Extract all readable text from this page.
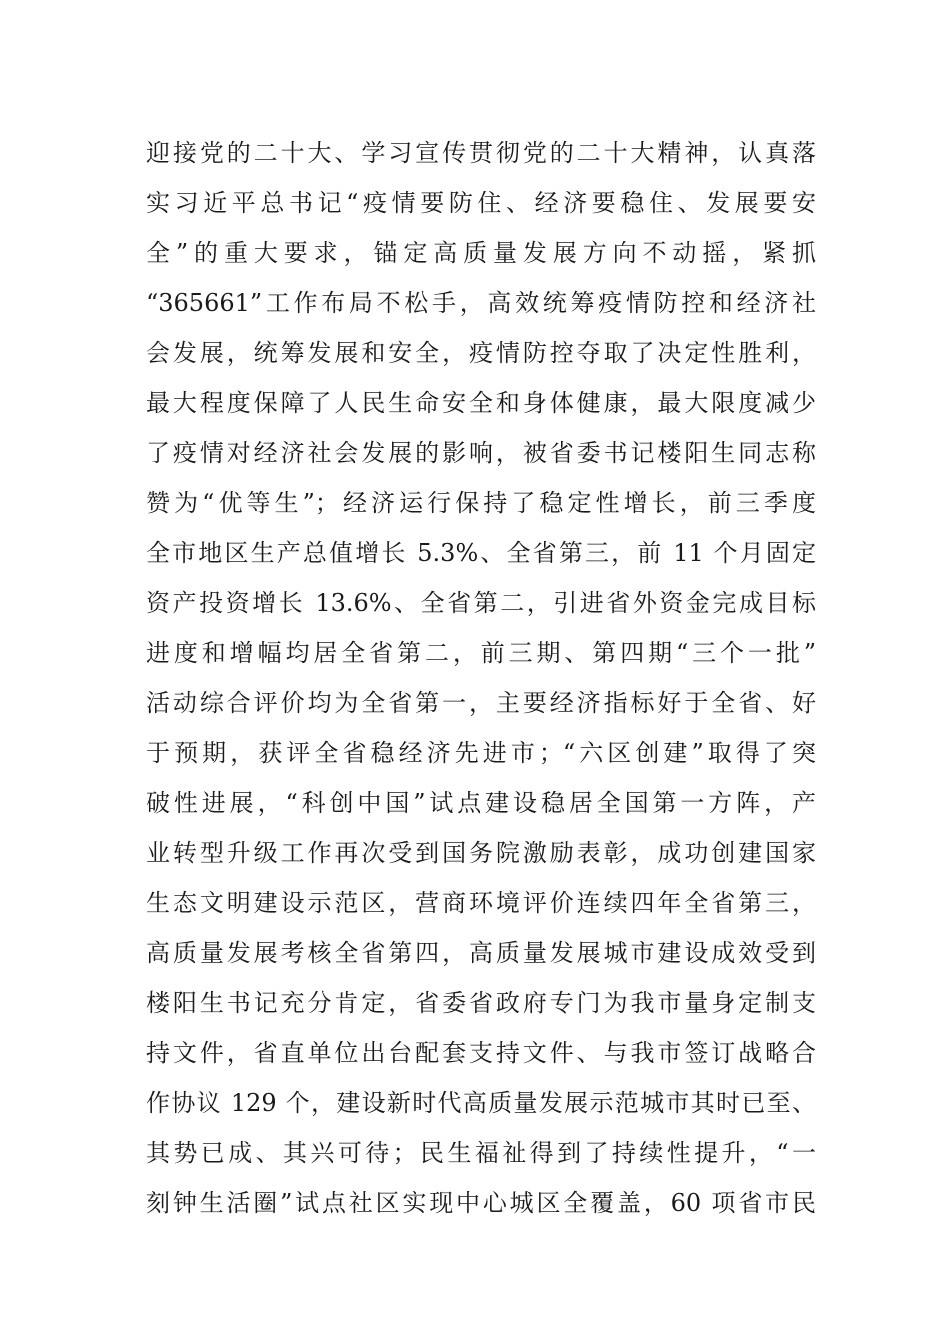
迎接党的二十大、学习宣传贯彻党的二十大精神，认真落
实习近平总书记“疫情要防住、经济要稳住、发展要安
全”的重大要求，锚定高质量发展方向不动摇，紧抓
“365661”工作布局不松手，高效统筹疫情防控和经济社
会发展，统筹发展和安全，疫情防控夺取了决定性胜利，
最大程度保障了人民生命安全和身体健康，最大限度减少
了疫情对经济社会发展的影响，被省委书记楼阳生同志称
赞为“优等生”；经济运行保持了稳定性增长，前三季度
全市地区生产总值增长 5.3%、全省第三，前 11 个月固定
资产投资增长 13.6%、全省第二，引进省外资金完成目标
进度和增幅均居全省第二，前三期、第四期“三个一批”
活动综合评价均为全省第一，主要经济指标好于全省、好
于预期，获评全省稳经济先进市；“六区创建”取得了突
破性进展，“科创中国”试点建设稳居全国第一方阵，产
业转型升级工作再次受到国务院激励表彰，成功创建国家
生态文明建设示范区，营商环境评价连续四年全省第三，
高质量发展考核全省第四，高质量发展城市建设成效受到
楼阳生书记充分肯定，省委省政府专门为我市量身定制支
持文件，省直单位出台配套支持文件、与我市签订战略合
作协议 129 个，建设新时代高质量发展示范城市其时已至、
其势已成、其兴可待；民生福祉得到了持续性提升，“一
刻钟生活圈”试点社区实现中心城区全覆盖，60 项省市民
